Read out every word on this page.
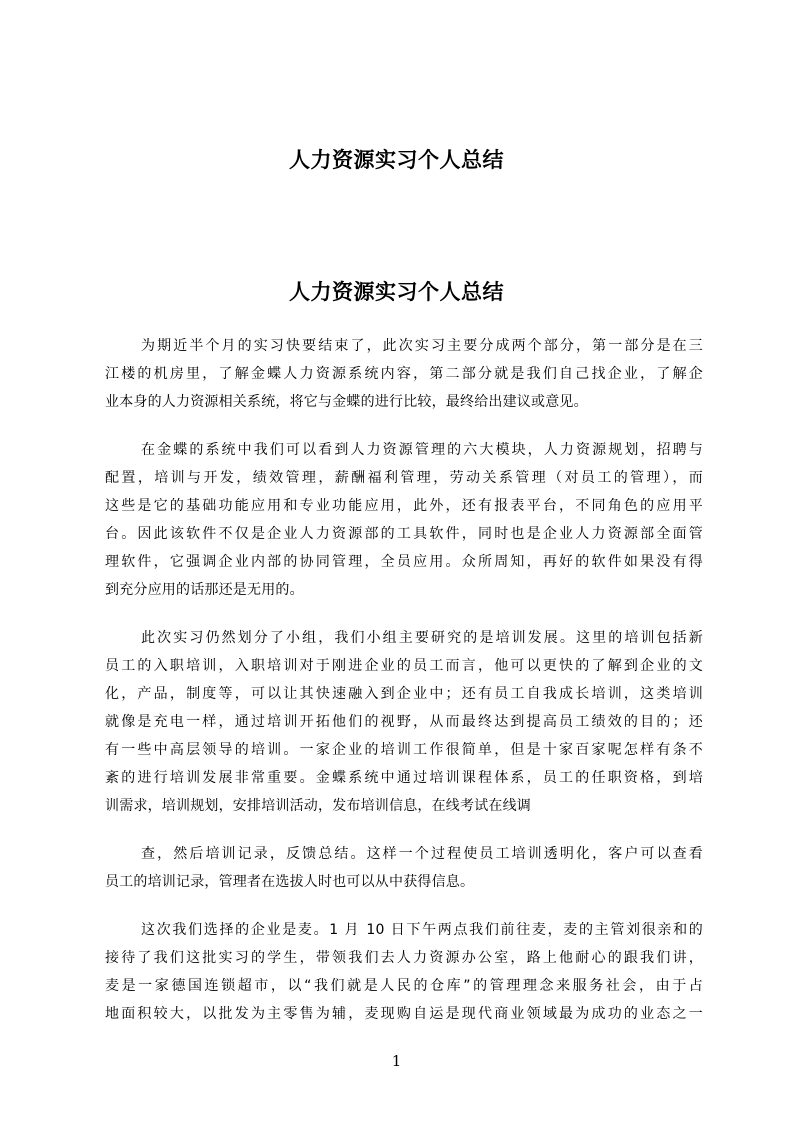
人力资源实习个人总结
人力资源实习个人总结
为期近半个月的实习快要结束了，此次实习主要分成两个部分，第一部分是在三
江楼的机房里，了解金蝶人力资源系统内容，第二部分就是我们自己找企业，了解企
业本身的人力资源相关系统，将它与金蝶的进行比较，最终给出建议或意见。
在金蝶的系统中我们可以看到人力资源管理的六大模块，人力资源规划，招聘与
配置，培训与开发，绩效管理，薪酬福利管理，劳动关系管理（对员工的管理），而
这些是它的基础功能应用和专业功能应用，此外，还有报表平台，不同角色的应用平
台。因此该软件不仅是企业人力资源部的工具软件，同时也是企业人力资源部全面管
理软件，它强调企业内部的协同管理，全员应用。众所周知，再好的软件如果没有得
到充分应用的话那还是无用的。
此次实习仍然划分了小组，我们小组主要研究的是培训发展。这里的培训包括新
员工的入职培训，入职培训对于刚进企业的员工而言，他可以更快的了解到企业的文
化，产品，制度等，可以让其快速融入到企业中；还有员工自我成长培训，这类培训
就像是充电一样，通过培训开拓他们的视野，从而最终达到提高员工绩效的目的；还
有一些中高层领导的培训。一家企业的培训工作很简单，但是十家百家呢怎样有条不
紊的进行培训发展非常重要。金蝶系统中通过培训课程体系，员工的任职资格，到培
训需求，培训规划，安排培训活动，发布培训信息，在线考试在线调
查，然后培训记录，反馈总结。这样一个过程使员工培训透明化，客户可以查看
员工的培训记录，管理者在选拔人时也可以从中获得信息。
这次我们选择的企业是麦。1 月 10 日下午两点我们前往麦，麦的主管刘很亲和的
接待了我们这批实习的学生，带领我们去人力资源办公室，路上他耐心的跟我们讲，
麦是一家德国连锁超市，以“我们就是人民的仓库”的管理理念来服务社会，由于占
地面积较大，以批发为主零售为辅，麦现购自运是现代商业领域最为成功的业态之一
1
